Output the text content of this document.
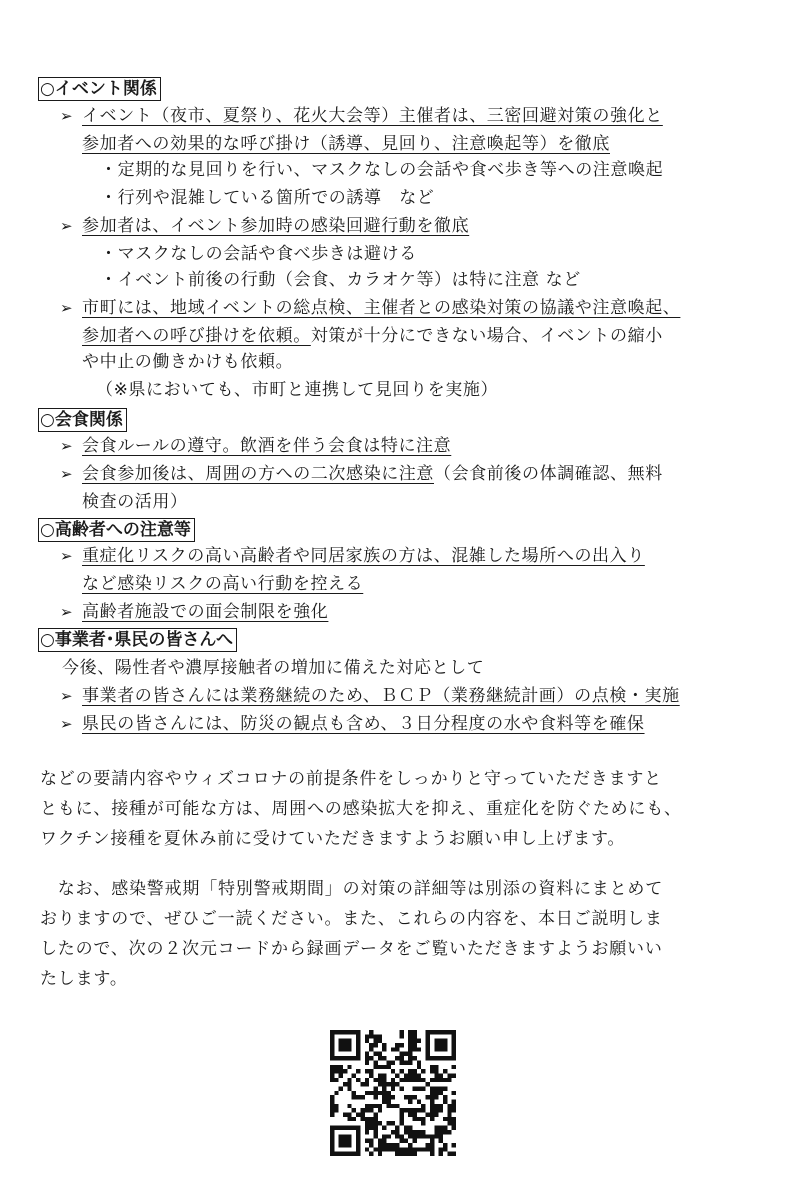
○イベント関係
➢ イベント（夜市、夏祭り、花火大会等）主催者は、三密回避対策の強化と
参加者への効果的な呼び掛け（誘導、見回り、注意喚起等）を徹底
・定期的な見回りを行い、マスクなしの会話や食べ歩き等への注意喚起
・行列や混雑している箇所での誘導　など
➢ 参加者は、イベント参加時の感染回避行動を徹底
・マスクなしの会話や食べ歩きは避ける
・イベント前後の行動（会食、カラオケ等）は特に注意 など
➢ 市町には、地域イベントの総点検、主催者との感染対策の協議や注意喚起、
参加者への呼び掛けを依頼。対策が十分にできない場合、イベントの縮小
や中止の働きかけも依頼。
（※県においても、市町と連携して見回りを実施）
○会食関係
➢ 会食ルールの遵守。飲酒を伴う会食は特に注意
➢ 会食参加後は、周囲の方への二次感染に注意（会食前後の体調確認、無料
検査の活用）
○高齢者への注意等
➢ 重症化リスクの高い高齢者や同居家族の方は、混雑した場所への出入り
など感染リスクの高い行動を控える
➢ 高齢者施設での面会制限を強化
○事業者･県民の皆さんへ
今後、陽性者や濃厚接触者の増加に備えた対応として
➢ 事業者の皆さんには業務継続のため、ＢＣＰ（業務継続計画）の点検・実施
➢ 県民の皆さんには、防災の観点も含め、３日分程度の水や食料等を確保
などの要請内容やウィズコロナの前提条件をしっかりと守っていただきますと
ともに、接種が可能な方は、周囲への感染拡大を抑え、重症化を防ぐためにも、
ワクチン接種を夏休み前に受けていただきますようお願い申し上げます。
　なお、感染警戒期「特別警戒期間」の対策の詳細等は別添の資料にまとめて
おりますので、ぜひご一読ください。また、これらの内容を、本日ご説明しま
したので、次の２次元コードから録画データをご覧いただきますようお願いい
たします。
